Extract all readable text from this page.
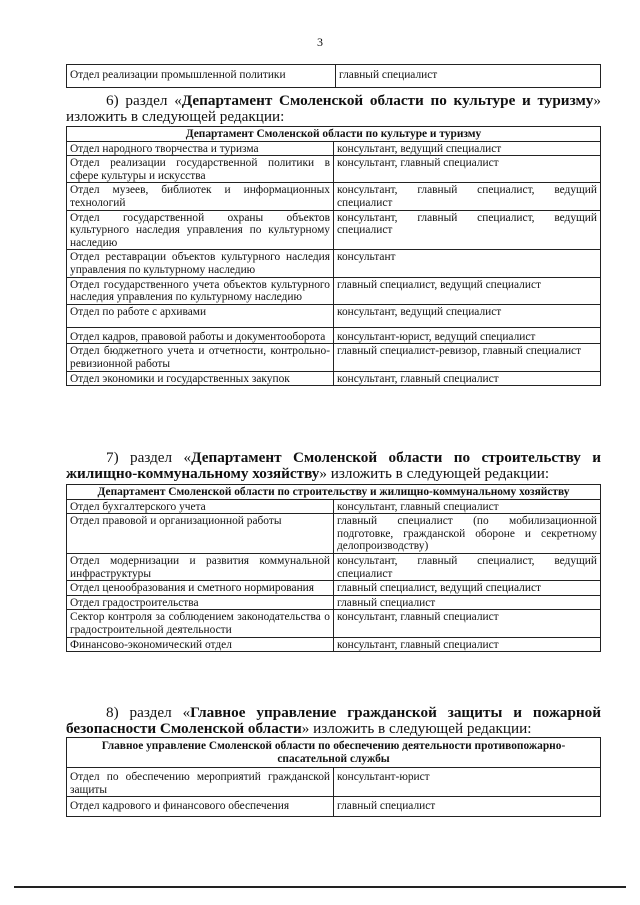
3
Отдел реализации промышленной политики	главный специалист
6) раздел «Департамент Смоленской области по культуре и туризму» изложить в следующей редакции:
Департамент Смоленской области по культуре и туризму	
Отдел народного творчества и туризма	консультант, ведущий специалист
Отдел реализации государственной политики в сфере культуры и искусства	консультант, главный специалист
Отдел музеев, библиотек и информационных технологий	консультант, главный специалист, ведущий специалист
Отдел государственной охраны объектов культурного наследия управления по культурному наследию	консультант, главный специалист, ведущий специалист
Отдел реставрации объектов культурного наследия управления по культурному наследию	консультант
Отдел государственного учета объектов культурного наследия управления по культурному наследию	главный специалист, ведущий специалист
Отдел по работе с архивами	консультант, ведущий специалист
Отдел кадров, правовой работы и документооборота	консультант-юрист, ведущий специалист
Отдел бюджетного учета и отчетности, контрольно-ревизионной работы	главный специалист-ревизор, главный специалист
Отдел экономики и государственных закупок	консультант, главный специалист
7) раздел «Департамент Смоленской области по строительству и жилищно-коммунальному хозяйству» изложить в следующей редакции:
Департамент Смоленской области по строительству и жилищно-коммунальному хозяйству	
Отдел бухгалтерского учета	консультант, главный специалист
Отдел правовой и организационной работы	главный специалист (по мобилизационной подготовке, гражданской обороне и секретному делопроизводству)
Отдел модернизации и развития коммунальной инфраструктуры	консультант, главный специалист, ведущий специалист
Отдел ценообразования и сметного нормирования	главный специалист, ведущий специалист
Отдел градостроительства	главный специалист
Сектор контроля за соблюдением законодательства о градостроительной деятельности	консультант, главный специалист
Финансово-экономический отдел	консультант, главный специалист
8) раздел «Главное управление гражданской защиты и пожарной безопасности Смоленской области» изложить в следующей редакции:
Главное управление Смоленской области по обеспечению деятельности противопожарно-спасательной службы	
Отдел по обеспечению мероприятий гражданской защиты	консультант-юрист
Отдел кадрового и финансового обеспечения	главный специалист
